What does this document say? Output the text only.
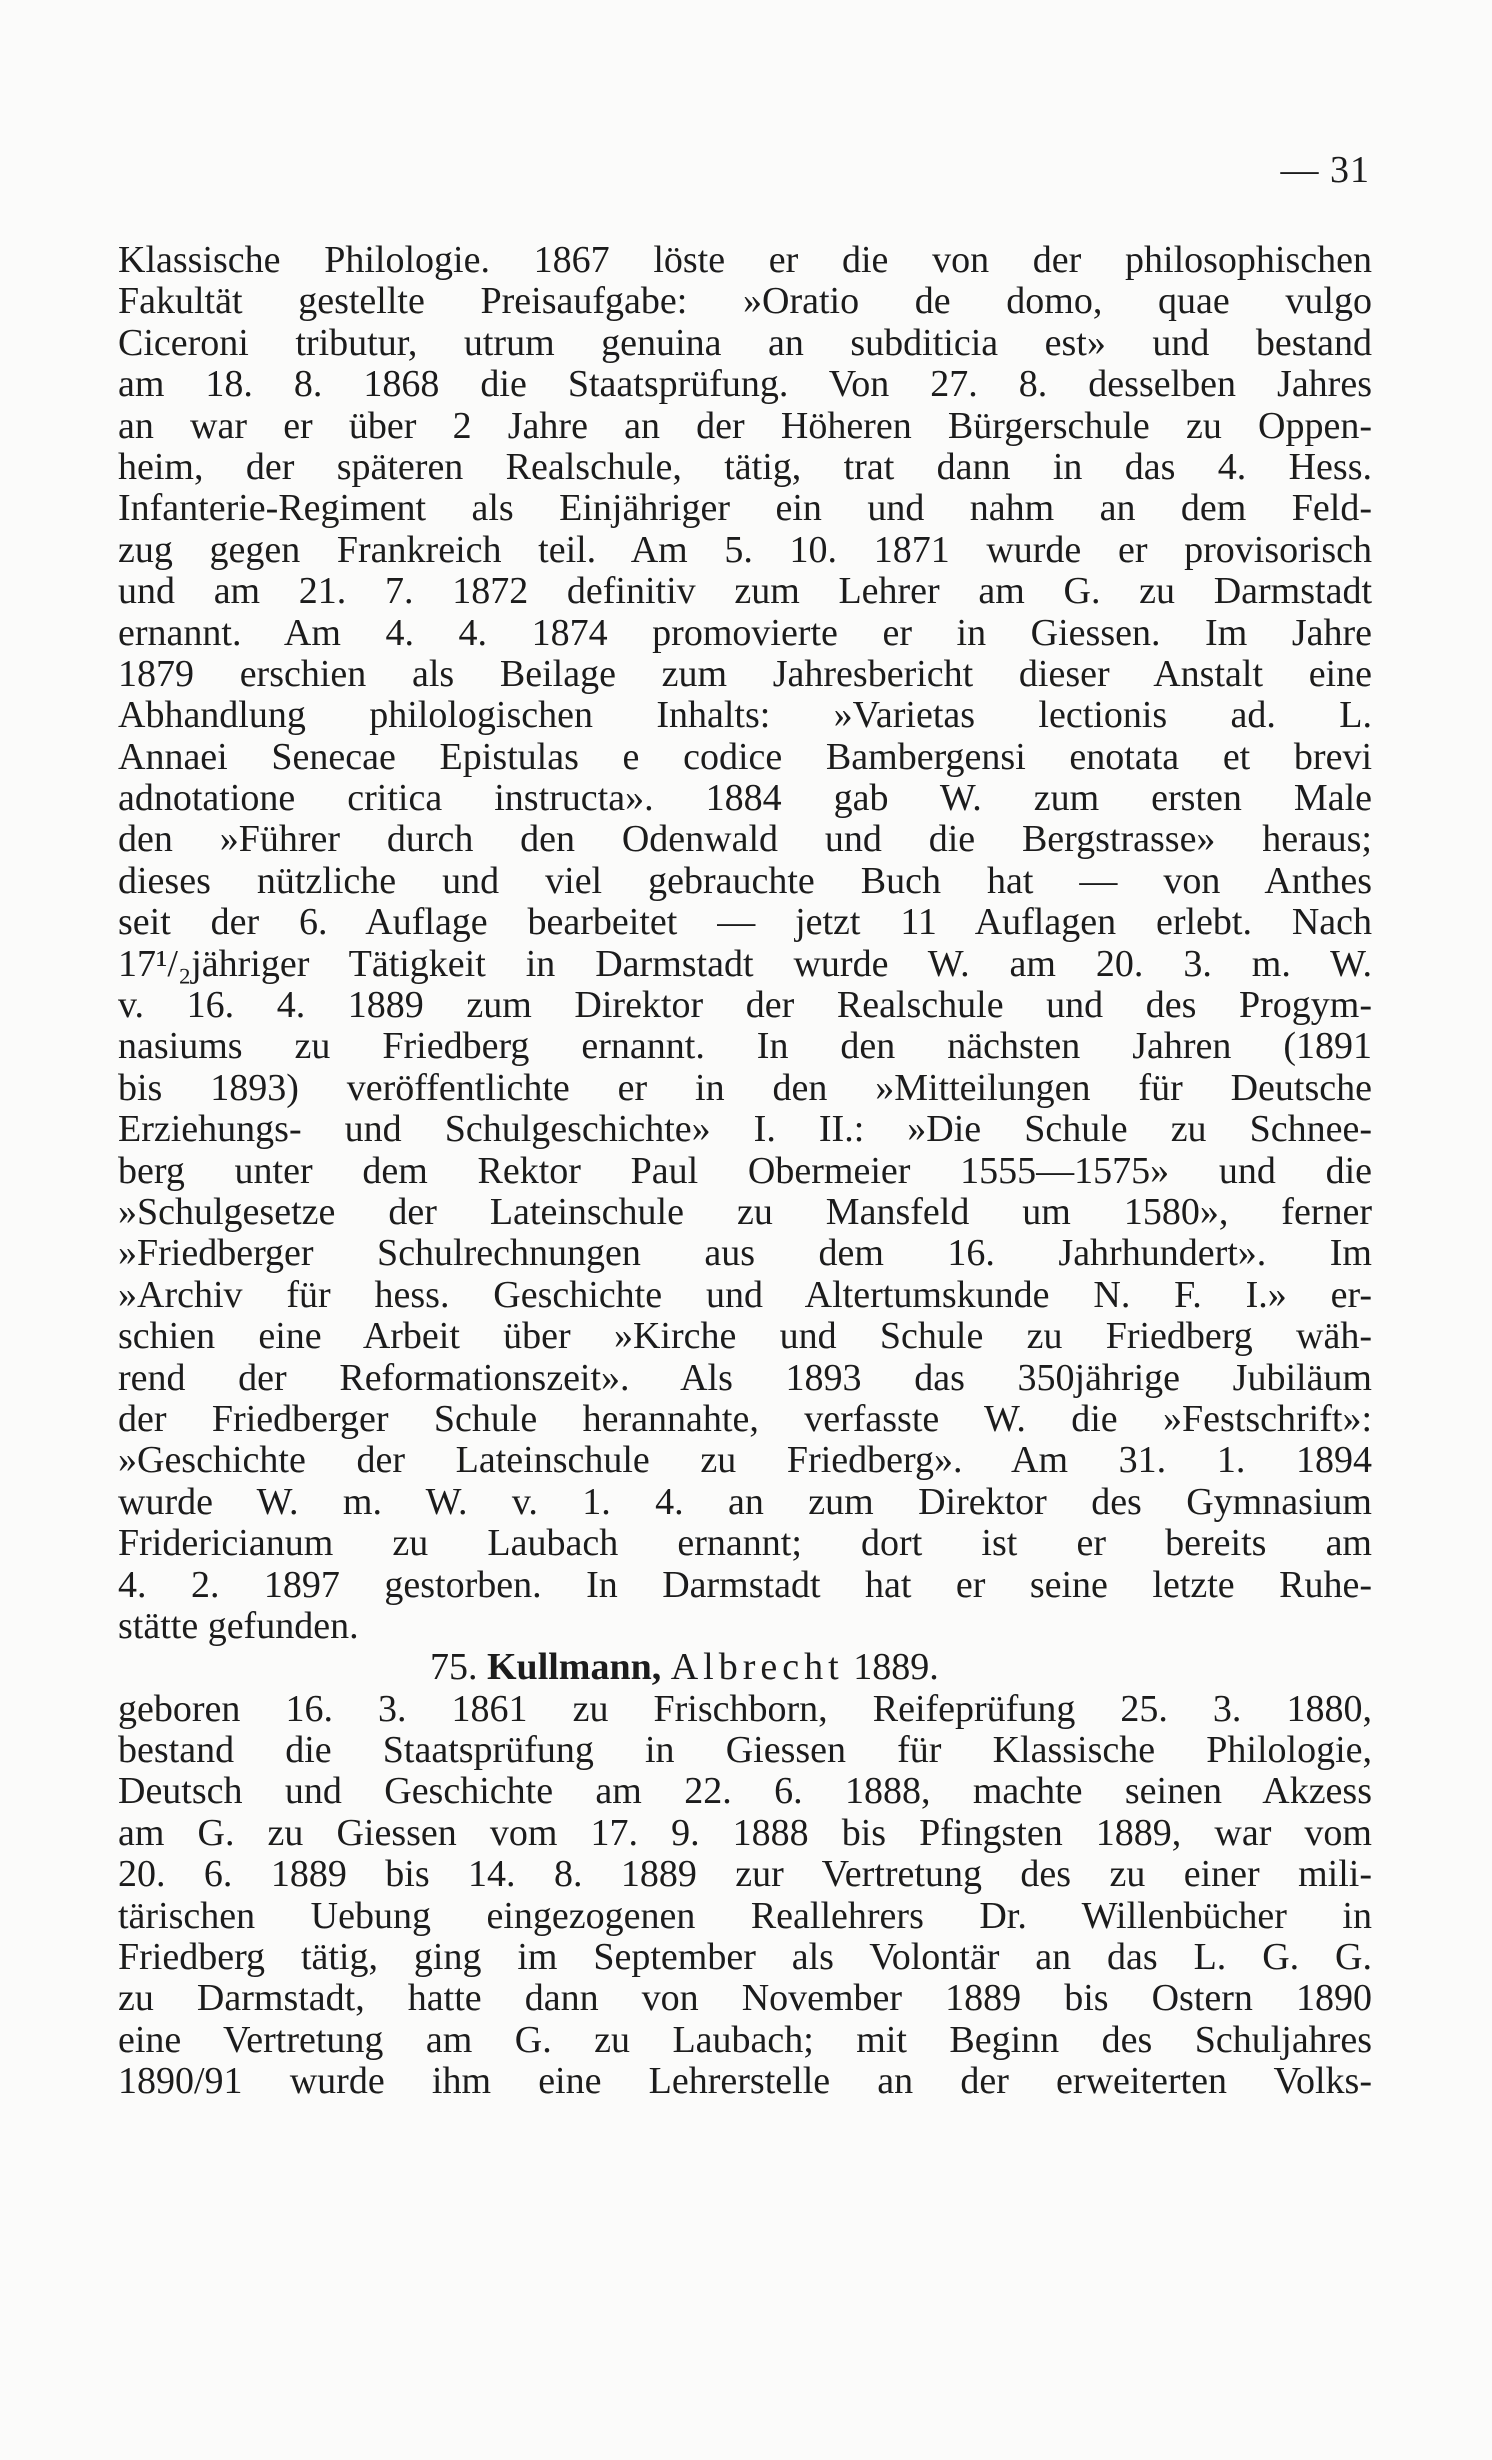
— 31
Klassische Philologie. 1867 löste er die von der philosophischen
Fakultät gestellte Preisaufgabe: »Oratio de domo, quae vulgo
Ciceroni tributur, utrum genuina an subditicia est» und bestand
am 18. 8. 1868 die Staatsprüfung. Von 27. 8. desselben Jahres
an war er über 2 Jahre an der Höheren Bürgerschule zu Oppen-
heim, der späteren Realschule, tätig, trat dann in das 4. Hess.
Infanterie-Regiment als Einjähriger ein und nahm an dem Feld-
zug gegen Frankreich teil. Am 5. 10. 1871 wurde er provisorisch
und am 21. 7. 1872 definitiv zum Lehrer am G. zu Darmstadt
ernannt. Am 4. 4. 1874 promovierte er in Giessen. Im Jahre
1879 erschien als Beilage zum Jahresbericht dieser Anstalt eine
Abhandlung philologischen Inhalts: »Varietas lectionis ad. L.
Annaei Senecae Epistulas e codice Bambergensi enotata et brevi
adnotatione critica instructa». 1884 gab W. zum ersten Male
den »Führer durch den Odenwald und die Bergstrasse» heraus;
dieses nützliche und viel gebrauchte Buch hat — von Anthes
seit der 6. Auflage bearbeitet — jetzt 11 Auflagen erlebt. Nach
17¹/₂jähriger Tätigkeit in Darmstadt wurde W. am 20. 3. m. W.
v. 16. 4. 1889 zum Direktor der Realschule und des Progym-
nasiums zu Friedberg ernannt. In den nächsten Jahren (1891
bis 1893) veröffentlichte er in den »Mitteilungen für Deutsche
Erziehungs- und Schulgeschichte» I. II.: »Die Schule zu Schnee-
berg unter dem Rektor Paul Obermeier 1555—1575» und die
»Schulgesetze der Lateinschule zu Mansfeld um 1580», ferner
»Friedberger Schulrechnungen aus dem 16. Jahrhundert». Im
»Archiv für hess. Geschichte und Altertumskunde N. F. I.» er-
schien eine Arbeit über »Kirche und Schule zu Friedberg wäh-
rend der Reformationszeit». Als 1893 das 350jährige Jubiläum
der Friedberger Schule herannahte, verfasste W. die »Festschrift»:
»Geschichte der Lateinschule zu Friedberg». Am 31. 1. 1894
wurde W. m. W. v. 1. 4. an zum Direktor des Gymnasium
Fridericianum zu Laubach ernannt; dort ist er bereits am
4. 2. 1897 gestorben. In Darmstadt hat er seine letzte Ruhe-
stätte gefunden.
75. Kullmann, Albrecht 1889.
geboren 16. 3. 1861 zu Frischborn, Reifeprüfung 25. 3. 1880,
bestand die Staatsprüfung in Giessen für Klassische Philologie,
Deutsch und Geschichte am 22. 6. 1888, machte seinen Akzess
am G. zu Giessen vom 17. 9. 1888 bis Pfingsten 1889, war vom
20. 6. 1889 bis 14. 8. 1889 zur Vertretung des zu einer mili-
tärischen Uebung eingezogenen Reallehrers Dr. Willenbücher in
Friedberg tätig, ging im September als Volontär an das L. G. G.
zu Darmstadt, hatte dann von November 1889 bis Ostern 1890
eine Vertretung am G. zu Laubach; mit Beginn des Schuljahres
1890/91 wurde ihm eine Lehrerstelle an der erweiterten Volks-
